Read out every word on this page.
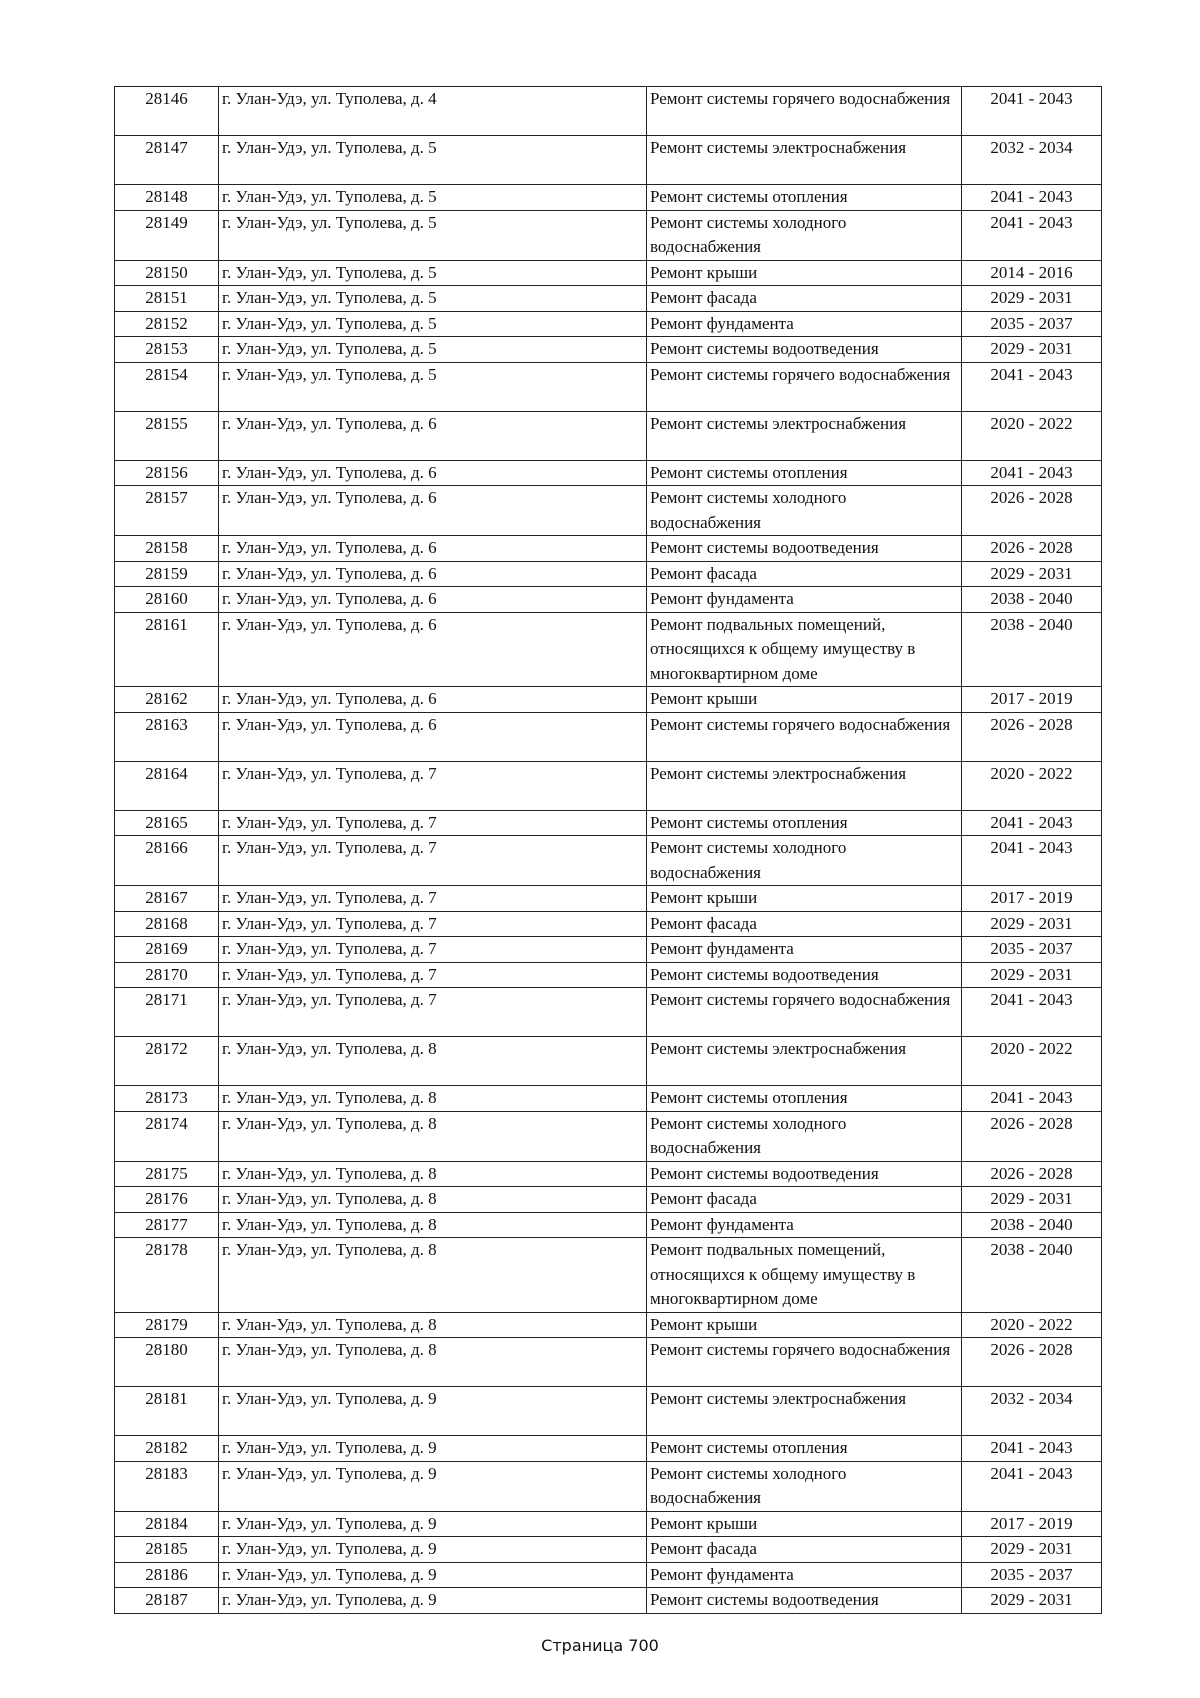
28146	г. Улан-Удэ, ул. Туполева, д. 4	Ремонт системы горячего водоснабжения	2041 - 2043
28147	г. Улан-Удэ, ул. Туполева, д. 5	Ремонт системы электроснабжения	2032 - 2034
28148	г. Улан-Удэ, ул. Туполева, д. 5	Ремонт системы отопления	2041 - 2043
28149	г. Улан-Удэ, ул. Туполева, д. 5	Ремонт системы холодного водоснабжения	2041 - 2043
28150	г. Улан-Удэ, ул. Туполева, д. 5	Ремонт крыши	2014 - 2016
28151	г. Улан-Удэ, ул. Туполева, д. 5	Ремонт фасада	2029 - 2031
28152	г. Улан-Удэ, ул. Туполева, д. 5	Ремонт фундамента	2035 - 2037
28153	г. Улан-Удэ, ул. Туполева, д. 5	Ремонт системы водоотведения	2029 - 2031
28154	г. Улан-Удэ, ул. Туполева, д. 5	Ремонт системы горячего водоснабжения	2041 - 2043
28155	г. Улан-Удэ, ул. Туполева, д. 6	Ремонт системы электроснабжения	2020 - 2022
28156	г. Улан-Удэ, ул. Туполева, д. 6	Ремонт системы отопления	2041 - 2043
28157	г. Улан-Удэ, ул. Туполева, д. 6	Ремонт системы холодного водоснабжения	2026 - 2028
28158	г. Улан-Удэ, ул. Туполева, д. 6	Ремонт системы водоотведения	2026 - 2028
28159	г. Улан-Удэ, ул. Туполева, д. 6	Ремонт фасада	2029 - 2031
28160	г. Улан-Удэ, ул. Туполева, д. 6	Ремонт фундамента	2038 - 2040
28161	г. Улан-Удэ, ул. Туполева, д. 6	Ремонт подвальных помещений, относящихся к общему имуществу в многоквартирном доме	2038 - 2040
28162	г. Улан-Удэ, ул. Туполева, д. 6	Ремонт крыши	2017 - 2019
28163	г. Улан-Удэ, ул. Туполева, д. 6	Ремонт системы горячего водоснабжения	2026 - 2028
28164	г. Улан-Удэ, ул. Туполева, д. 7	Ремонт системы электроснабжения	2020 - 2022
28165	г. Улан-Удэ, ул. Туполева, д. 7	Ремонт системы отопления	2041 - 2043
28166	г. Улан-Удэ, ул. Туполева, д. 7	Ремонт системы холодного водоснабжения	2041 - 2043
28167	г. Улан-Удэ, ул. Туполева, д. 7	Ремонт крыши	2017 - 2019
28168	г. Улан-Удэ, ул. Туполева, д. 7	Ремонт фасада	2029 - 2031
28169	г. Улан-Удэ, ул. Туполева, д. 7	Ремонт фундамента	2035 - 2037
28170	г. Улан-Удэ, ул. Туполева, д. 7	Ремонт системы водоотведения	2029 - 2031
28171	г. Улан-Удэ, ул. Туполева, д. 7	Ремонт системы горячего водоснабжения	2041 - 2043
28172	г. Улан-Удэ, ул. Туполева, д. 8	Ремонт системы электроснабжения	2020 - 2022
28173	г. Улан-Удэ, ул. Туполева, д. 8	Ремонт системы отопления	2041 - 2043
28174	г. Улан-Удэ, ул. Туполева, д. 8	Ремонт системы холодного водоснабжения	2026 - 2028
28175	г. Улан-Удэ, ул. Туполева, д. 8	Ремонт системы водоотведения	2026 - 2028
28176	г. Улан-Удэ, ул. Туполева, д. 8	Ремонт фасада	2029 - 2031
28177	г. Улан-Удэ, ул. Туполева, д. 8	Ремонт фундамента	2038 - 2040
28178	г. Улан-Удэ, ул. Туполева, д. 8	Ремонт подвальных помещений, относящихся к общему имуществу в многоквартирном доме	2038 - 2040
28179	г. Улан-Удэ, ул. Туполева, д. 8	Ремонт крыши	2020 - 2022
28180	г. Улан-Удэ, ул. Туполева, д. 8	Ремонт системы горячего водоснабжения	2026 - 2028
28181	г. Улан-Удэ, ул. Туполева, д. 9	Ремонт системы электроснабжения	2032 - 2034
28182	г. Улан-Удэ, ул. Туполева, д. 9	Ремонт системы отопления	2041 - 2043
28183	г. Улан-Удэ, ул. Туполева, д. 9	Ремонт системы холодного водоснабжения	2041 - 2043
28184	г. Улан-Удэ, ул. Туполева, д. 9	Ремонт крыши	2017 - 2019
28185	г. Улан-Удэ, ул. Туполева, д. 9	Ремонт фасада	2029 - 2031
28186	г. Улан-Удэ, ул. Туполева, д. 9	Ремонт фундамента	2035 - 2037
28187	г. Улан-Удэ, ул. Туполева, д. 9	Ремонт системы водоотведения	2029 - 2031
Страница 700
